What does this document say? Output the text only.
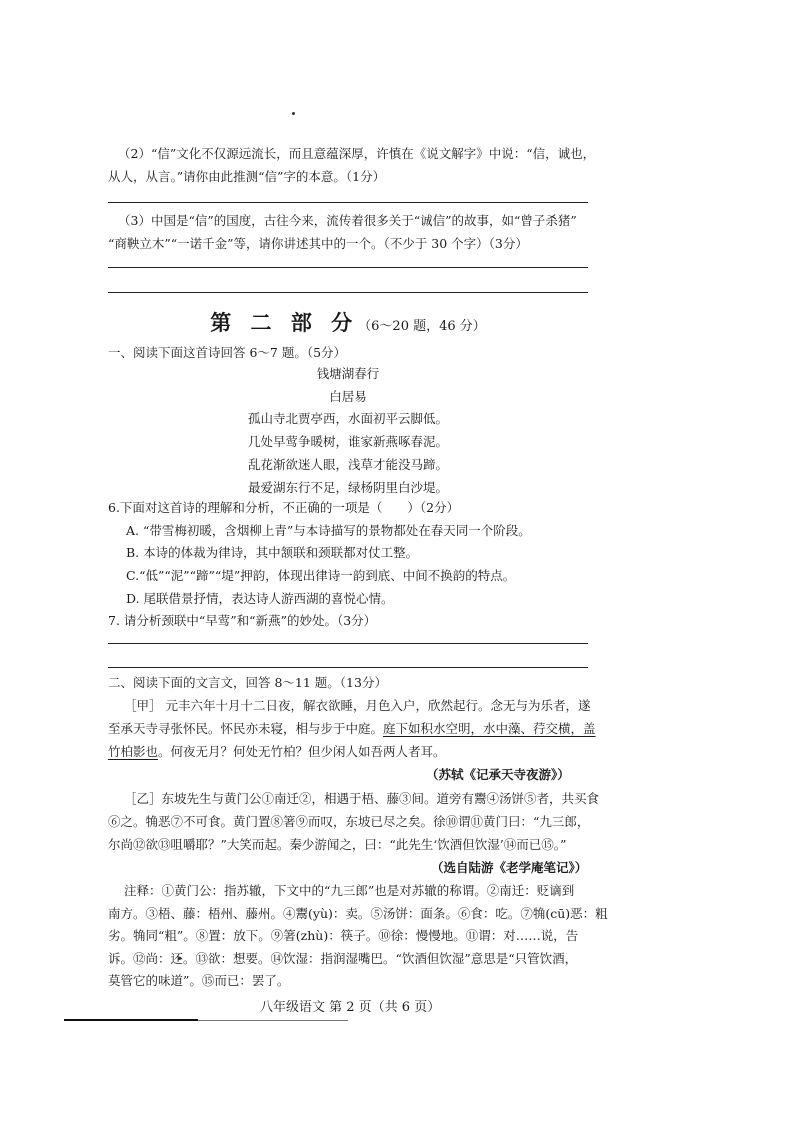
（2）“信”文化不仅源远流长，而且意蕴深厚，许慎在《说文解字》中说：“信，诚也，
从人，从言。”请你由此推测“信”字的本意。（1分）
（3）中国是“信”的国度，古往今来，流传着很多关于“诚信”的故事，如“曾子杀猪”
“商鞅立木”“一诺千金”等，请你讲述其中的一个。（不少于 30 个字）（3分）
第 二 部 分（6～20 题，46 分）
一、阅读下面这首诗回答 6～7 题。（5分）
钱塘湖春行
白居易
孤山寺北贾亭西，水面初平云脚低。
几处早莺争暖树，谁家新燕啄春泥。
乱花渐欲迷人眼，浅草才能没马蹄。
最爱湖东行不足，绿杨阴里白沙堤。
6.下面对这首诗的理解和分析，不正确的一项是（　　）（2分）
A. “带雪梅初暖，含烟柳上青”与本诗描写的景物都处在春天同一个阶段。
B. 本诗的体裁为律诗，其中颔联和颈联都对仗工整。
C.“低”“泥”“蹄”“堤”押韵，体现出律诗一韵到底、中间不换韵的特点。
D. 尾联借景抒情，表达诗人游西湖的喜悦心情。
7. 请分析颈联中“早莺”和“新燕”的妙处。（3分）
二、阅读下面的文言文，回答 8～11 题。（13分）
［甲］ 元丰六年十月十二日夜，解衣欲睡，月色入户，欣然起行。念无与为乐者，遂
至承天寺寻张怀民。怀民亦未寝，相与步于中庭。庭下如积水空明，水中藻、荇交横，盖
竹柏影也。何夜无月？何处无竹柏？但少闲人如吾两人者耳。
（苏轼《记承天寺夜游》）
［乙］东坡先生与黄门公①南迁②，相遇于梧、藤③间。道旁有鬻④汤饼⑤者，共买食
⑥之。觕恶⑦不可食。黄门置⑧箸⑨而叹，东坡已尽之矣。徐⑩谓⑪黄门曰：“九三郎，
尔尚⑫欲⑬咀嚼耶？”大笑而起。秦少游闻之，曰：“此先生‘饮酒但饮湿’⑭而已⑮。”
（选自陆游《老学庵笔记》）
注释：①黄门公：指苏辙，下文中的“九三郎”也是对苏辙的称谓。②南迁：贬谪到
南方。③梧、藤：梧州、藤州。④鬻(yù)：卖。⑤汤饼：面条。⑥食：吃。⑦觕(cū)恶：粗
劣。觕同“粗”。⑧置：放下。⑨箸(zhù)：筷子。⑩徐：慢慢地。⑪谓：对……说，告
诉。⑫尚：还。⑬欲：想要。⑭饮湿：指润湿嘴巴。“饮酒但饮湿”意思是“只管饮酒，
莫管它的味道”。⑮而已：罢了。
八年级语文 第 2 页（共 6 页）
